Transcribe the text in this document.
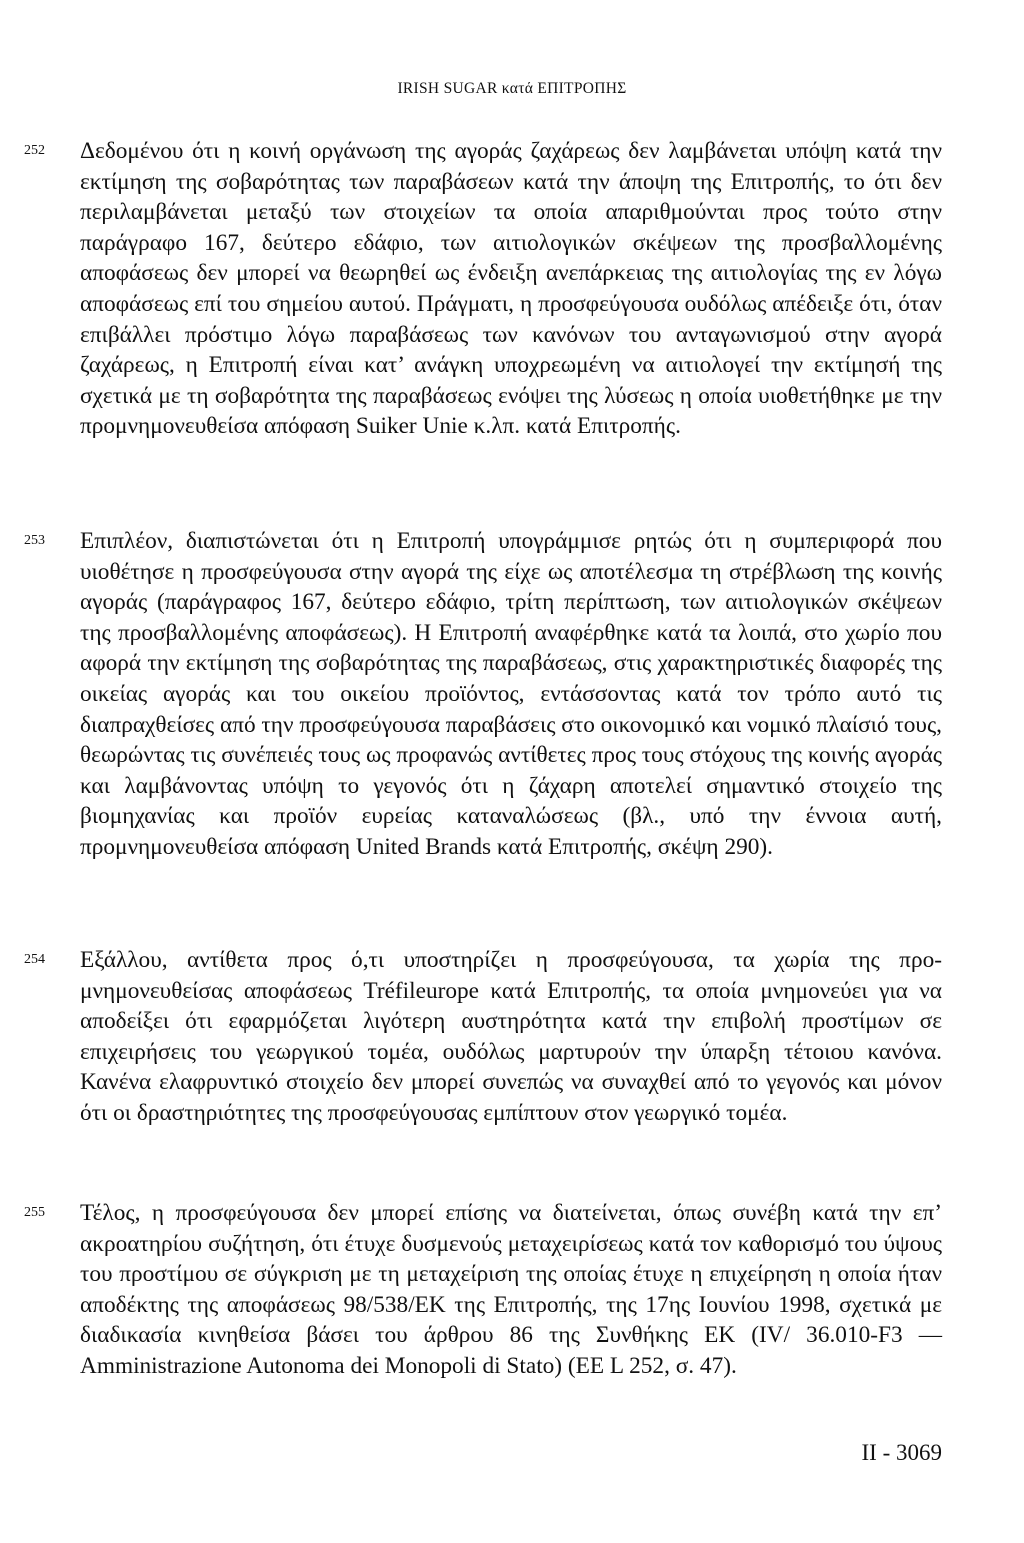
IRISH SUGAR κατά ΕΠΙΤΡΟΠΗΣ
252 Δεδομένου ότι η κοινή οργάνωση της αγοράς ζαχάρεως δεν λαμβάνεται υπόψη κατά την εκτίμηση της σοβαρότητας των παραβάσεων κατά την άποψη της Επιτροπής, το ότι δεν περιλαμβάνεται μεταξύ των στοιχείων τα οποία απαριθμούνται προς τούτο στην παράγραφο 167, δεύτερο εδάφιο, των αιτιολογικών σκέψεων της προσβαλλομένης αποφάσεως δεν μπορεί να θεωρηθεί ως ένδειξη ανεπάρκειας της αιτιολογίας της εν λόγω αποφάσεως επί του σημείου αυτού. Πράγματι, η προσφεύγουσα ουδόλως απέδειξε ότι, όταν επιβάλλει πρόστιμο λόγω παραβάσεως των κανόνων του ανταγωνισμού στην αγορά ζαχάρεως, η Επιτροπή είναι κατ’ ανάγκη υποχρεωμένη να αιτιολογεί την εκτίμησή της σχετικά με τη σοβαρότητα της παραβάσεως ενόψει της λύσεως η οποία υιοθετήθηκε με την προμνημονευθείσα απόφαση Suiker Unie κ.λπ. κατά Επιτροπής.

253 Επιπλέον, διαπιστώνεται ότι η Επιτροπή υπογράμμισε ρητώς ότι η συμπεριφορά που υιοθέτησε η προσφεύγουσα στην αγορά της είχε ως αποτέλεσμα τη στρέβλωση της κοινής αγοράς (παράγραφος 167, δεύτερο εδάφιο, τρίτη περίπτωση, των αιτιολογικών σκέψεων της προσβαλλομένης αποφάσεως). Η Επιτροπή αναφέρθηκε κατά τα λοιπά, στο χωρίο που αφορά την εκτίμηση της σοβαρότητας της παραβάσεως, στις χαρακτηριστικές διαφορές της οικείας αγοράς και του οικείου προϊόντος, εντάσσοντας κατά τον τρόπο αυτό τις διαπραχθείσες από την προσφεύγουσα παραβάσεις στο οικονομικό και νομικό πλαίσιό τους, θεωρώντας τις συνέπειές τους ως προφανώς αντίθετες προς τους στόχους της κοινής αγοράς και λαμβάνοντας υπόψη το γεγονός ότι η ζάχαρη αποτελεί σημαντικό στοιχείο της βιομηχανίας και προϊόν ευρείας καταναλώσεως (βλ., υπό την έννοια αυτή, προμνημονευθείσα απόφαση United Brands κατά Επιτροπής, σκέψη 290).

254 Εξάλλου, αντίθετα προς ό,τι υποστηρίζει η προσφεύγουσα, τα χωρία της προμνημονευθείσας αποφάσεως Tréfileurope κατά Επιτροπής, τα οποία μνημονεύει για να αποδείξει ότι εφαρμόζεται λιγότερη αυστηρότητα κατά την επιβολή προστίμων σε επιχειρήσεις του γεωργικού τομέα, ουδόλως μαρτυρούν την ύπαρξη τέτοιου κανόνα. Κανένα ελαφρυντικό στοιχείο δεν μπορεί συνεπώς να συναχθεί από το γεγονός και μόνον ότι οι δραστηριότητες της προσφεύγουσας εμπίπτουν στον γεωργικό τομέα.

255 Τέλος, η προσφεύγουσα δεν μπορεί επίσης να διατείνεται, όπως συνέβη κατά την επ’ ακροατηρίου συζήτηση, ότι έτυχε δυσμενούς μεταχειρίσεως κατά τον καθορισμό του ύψους του προστίμου σε σύγκριση με τη μεταχείριση της οποίας έτυχε η επιχείρηση η οποία ήταν αποδέκτης της αποφάσεως 98/538/ΕΚ της Επιτροπής, της 17ης Ιουνίου 1998, σχετικά με διαδικασία κινηθείσα βάσει του άρθρου 86 της Συνθήκης ΕΚ (IV/ 36.010-F3 — Amministrazione Autonoma dei Monopoli di Stato) (ΕΕ L 252, σ. 47).

II - 3069
